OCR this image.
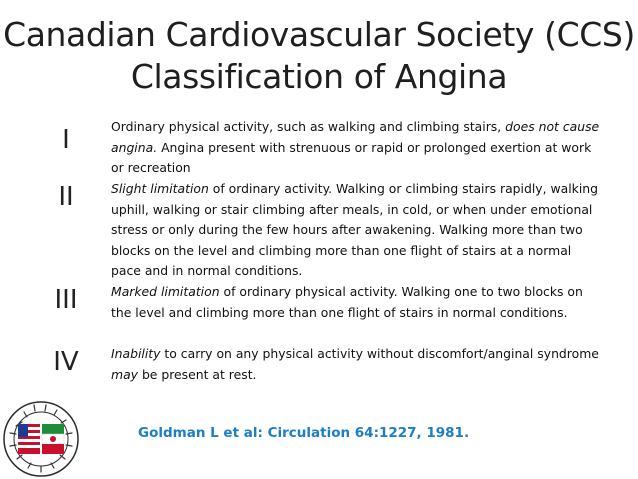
Canadian Cardiovascular Society (CCS)
Classification of Angina
I	Ordinary physical activity, such as walking and climbing stairs, does not cause angina. Angina present with strenuous or rapid or prolonged exertion at work or recreation
II	Slight limitation of ordinary activity. Walking or climbing stairs rapidly, walking uphill, walking or stair climbing after meals, in cold, or when under emotional stress or only during the few hours after awakening. Walking more than two blocks on the level and climbing more than one flight of stairs at a normal pace and in normal conditions.
III	Marked limitation of ordinary physical activity. Walking one to two blocks on the level and climbing more than one flight of stairs in normal conditions.
IV	Inability to carry on any physical activity without discomfort/anginal syndrome may be present at rest.
Goldman L et al: Circulation 64:1227, 1981.
